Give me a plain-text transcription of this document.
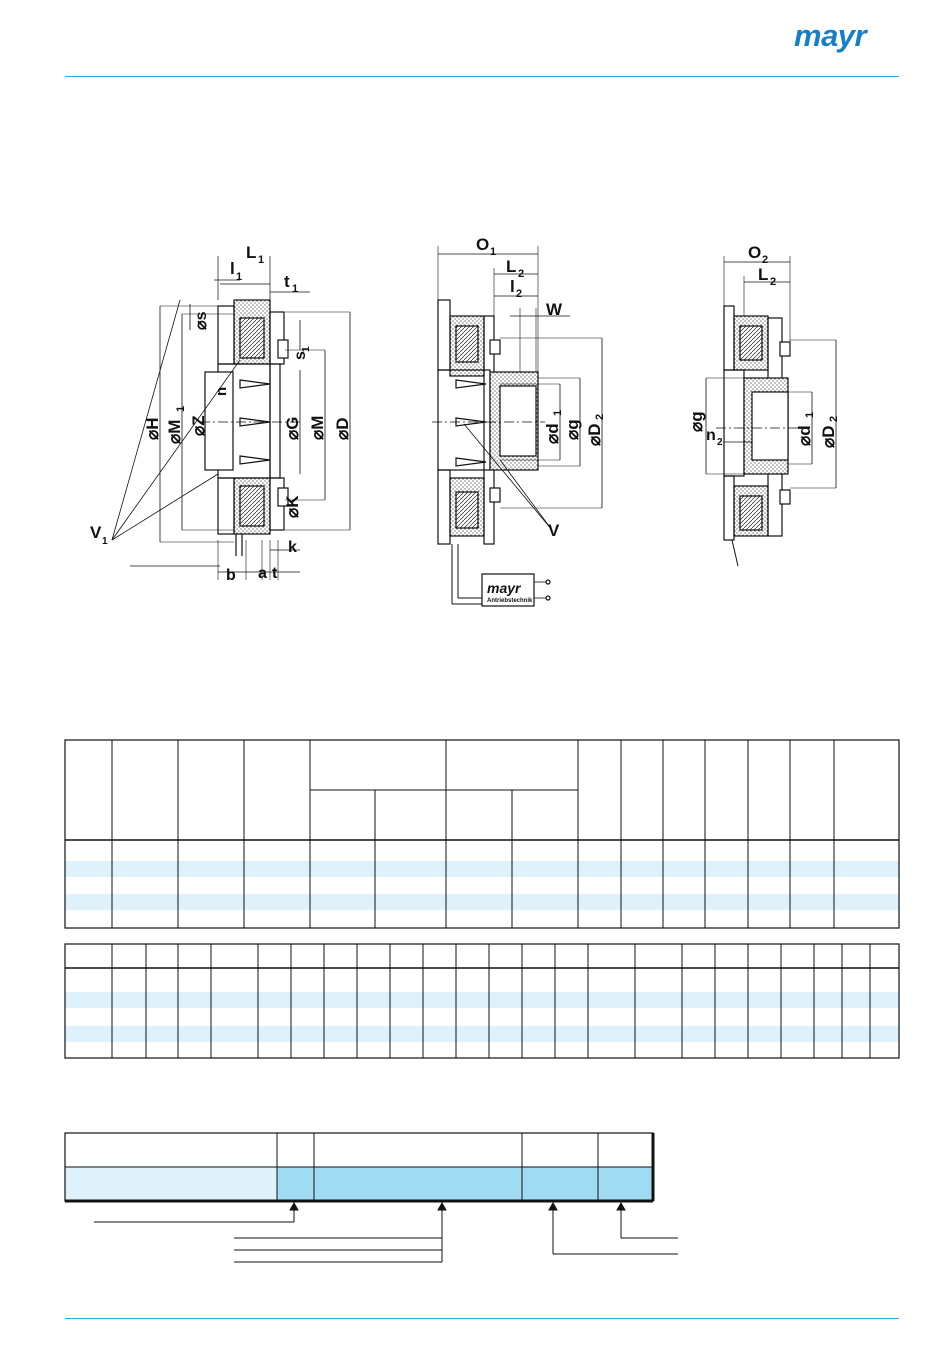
mayr
L 1
l 1 t 1
⌀s
s
1
⌀H ⌀M
1
⌀Z
n
⌀G ⌀M ⌀D
⌀K
V 1
b a t
k
O 1
L 2
l 2
W
⌀d
1
⌀g ⌀D
2
V
mayr
Antriebstechnik
O 2
L 2
⌀g
n 2	⌀d
1
⌀D
2
